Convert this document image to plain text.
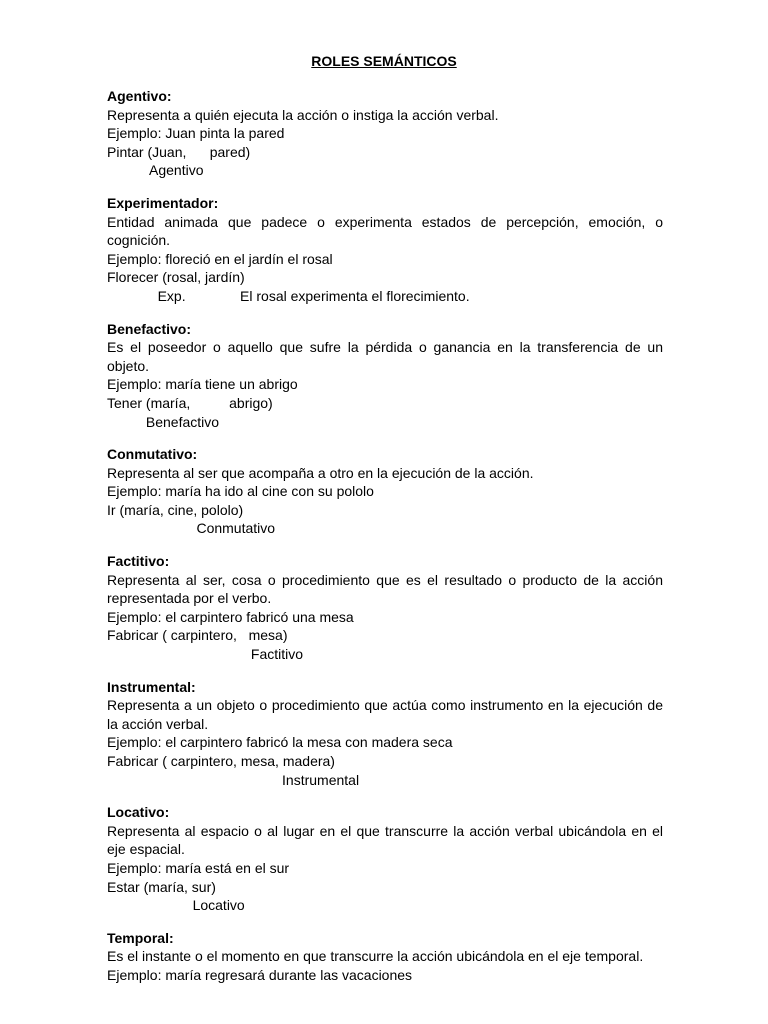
ROLES SEMÁNTICOS
Agentivo:
Representa a quién ejecuta la acción o instiga la acción verbal.
Ejemplo: Juan pinta la pared
Pintar (Juan,      pared)
Agentivo
Experimentador:
Entidad animada que padece o experimenta estados de percepción, emoción, o cognición.
Ejemplo: floreció en el jardín el rosal
Florecer (rosal, jardín)
Exp.              El rosal experimenta el florecimiento.
Benefactivo:
Es el poseedor o aquello que sufre la pérdida o ganancia en la transferencia de un objeto.
Ejemplo: maría tiene un abrigo
Tener (maría,          abrigo)
Benefactivo
Conmutativo:
Representa al ser que acompaña a otro en la ejecución de la acción.
Ejemplo: maría ha ido al cine con su pololo
Ir (maría, cine, pololo)
Conmutativo
Factitivo:
Representa al ser, cosa o procedimiento que es el resultado o producto de la acción representada por el verbo.
Ejemplo: el carpintero fabricó una mesa
Fabricar ( carpintero,   mesa)
Factitivo
Instrumental:
Representa a un objeto o procedimiento que actúa como instrumento en la ejecución de la acción verbal.
Ejemplo: el carpintero fabricó la mesa con madera seca
Fabricar ( carpintero, mesa, madera)
Instrumental
Locativo:
Representa al espacio o al lugar en el que transcurre la acción verbal ubicándola en el eje espacial.
Ejemplo: maría está en el sur
Estar (maría, sur)
Locativo
Temporal:
Es el instante o el momento en que transcurre la acción ubicándola en el eje temporal.
Ejemplo: maría regresará durante las vacaciones
